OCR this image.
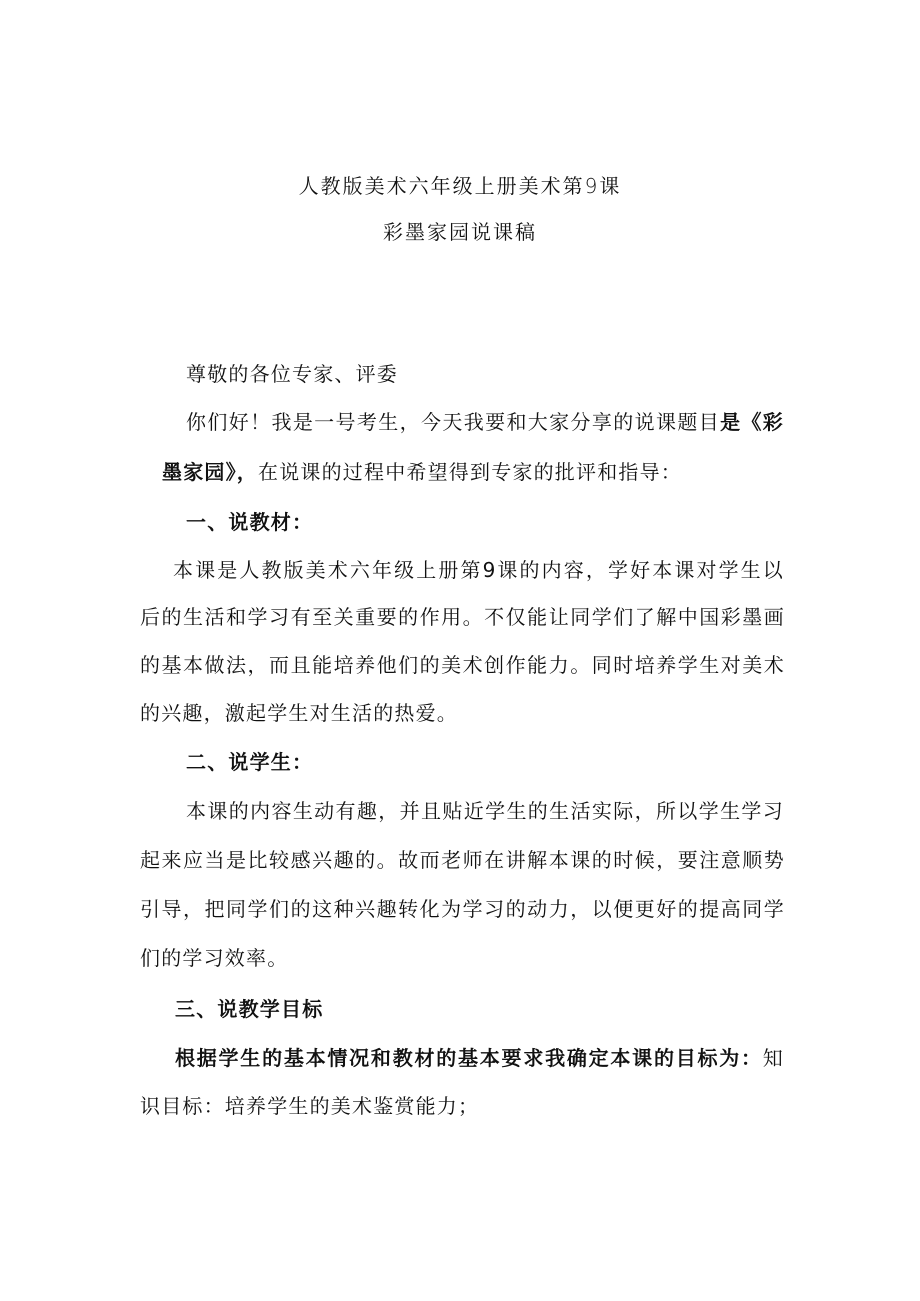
人教版美术六年级上册美术第9课
彩墨家园说课稿
尊敬的各位专家、评委
你们好！我是一号考生，今天我要和大家分享的说课题目是《彩
墨家园》，在说课的过程中希望得到专家的批评和指导：
一、说教材：
本课是人教版美术六年级上册第9课的内容，学好本课对学生以
后的生活和学习有至关重要的作用。不仅能让同学们了解中国彩墨画
的基本做法，而且能培养他们的美术创作能力。同时培养学生对美术
的兴趣，激起学生对生活的热爱。
二、说学生：
本课的内容生动有趣，并且贴近学生的生活实际，所以学生学习
起来应当是比较感兴趣的。故而老师在讲解本课的时候，要注意顺势
引导，把同学们的这种兴趣转化为学习的动力，以便更好的提高同学
们的学习效率。
三、说教学目标
根据学生的基本情况和教材的基本要求我确定本课的目标为：知
识目标：培养学生的美术鉴赏能力；
